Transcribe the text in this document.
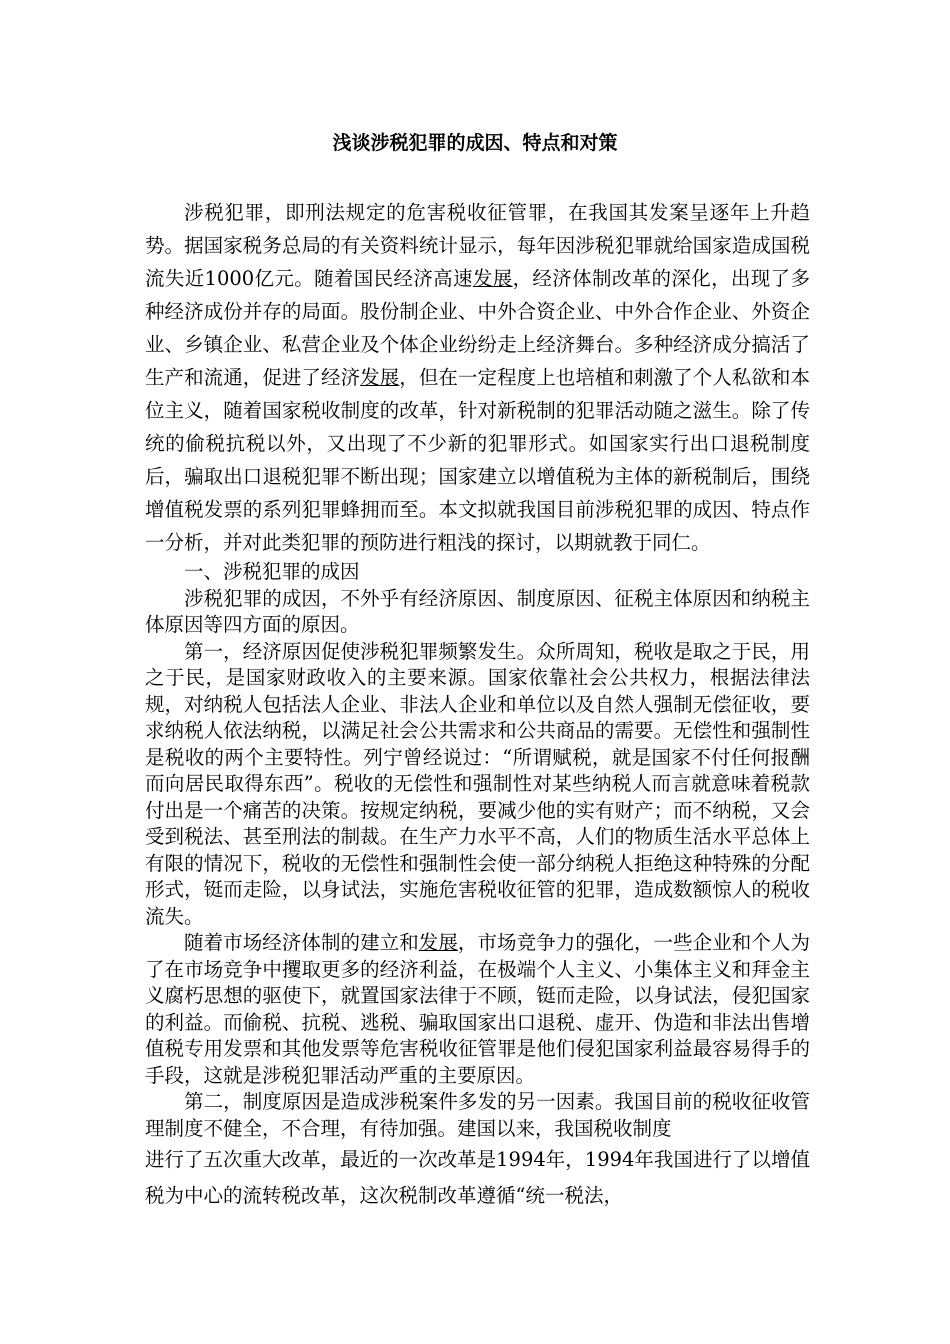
浅谈涉税犯罪的成因、特点和对策

涉税犯罪，即刑法规定的危害税收征管罪，在我国其发案呈逐年上升趋势。据国家税务总局的有关资料统计显示，每年因涉税犯罪就给国家造成国税流失近1000亿元。随着国民经济高速发展，经济体制改革的深化，出现了多种经济成份并存的局面。股份制企业、中外合资企业、中外合作企业、外资企业、乡镇企业、私营企业及个体企业纷纷走上经济舞台。多种经济成分搞活了生产和流通，促进了经济发展，但在一定程度上也培植和刺激了个人私欲和本位主义，随着国家税收制度的改革，针对新税制的犯罪活动随之滋生。除了传统的偷税抗税以外，又出现了不少新的犯罪形式。如国家实行出口退税制度后，骗取出口退税犯罪不断出现；国家建立以增值税为主体的新税制后，围绕增值税发票的系列犯罪蜂拥而至。本文拟就我国目前涉税犯罪的成因、特点作一分析，并对此类犯罪的预防进行粗浅的探讨，以期就教于同仁。

一、涉税犯罪的成因

涉税犯罪的成因，不外乎有经济原因、制度原因、征税主体原因和纳税主体原因等四方面的原因。

第一，经济原因促使涉税犯罪频繁发生。众所周知，税收是取之于民，用之于民，是国家财政收入的主要来源。国家依靠社会公共权力，根据法律法规，对纳税人包括法人企业、非法人企业和单位以及自然人强制无偿征收，要求纳税人依法纳税，以满足社会公共需求和公共商品的需要。无偿性和强制性是税收的两个主要特性。列宁曾经说过：“所谓赋税，就是国家不付任何报酬而向居民取得东西”。税收的无偿性和强制性对某些纳税人而言就意味着税款付出是一个痛苦的决策。按规定纳税，要减少他的实有财产；而不纳税，又会受到税法、甚至刑法的制裁。在生产力水平不高，人们的物质生活水平总体上有限的情况下，税收的无偿性和强制性会使一部分纳税人拒绝这种特殊的分配形式，铤而走险，以身试法，实施危害税收征管的犯罪，造成数额惊人的税收流失。

随着市场经济体制的建立和发展，市场竞争力的强化，一些企业和个人为了在市场竞争中攫取更多的经济利益，在极端个人主义、小集体主义和拜金主义腐朽思想的驱使下，就置国家法律于不顾，铤而走险，以身试法，侵犯国家的利益。而偷税、抗税、逃税、骗取国家出口退税、虚开、伪造和非法出售增值税专用发票和其他发票等危害税收征管罪是他们侵犯国家利益最容易得手的手段，这就是涉税犯罪活动严重的主要原因。

第二，制度原因是造成涉税案件多发的另一因素。我国目前的税收征收管理制度不健全，不合理，有待加强。建国以来，我国税收制度

进行了五次重大改革，最近的一次改革是1994年，1994年我国进行了以增值税为中心的流转税改革，这次税制改革遵循“统一税法，
